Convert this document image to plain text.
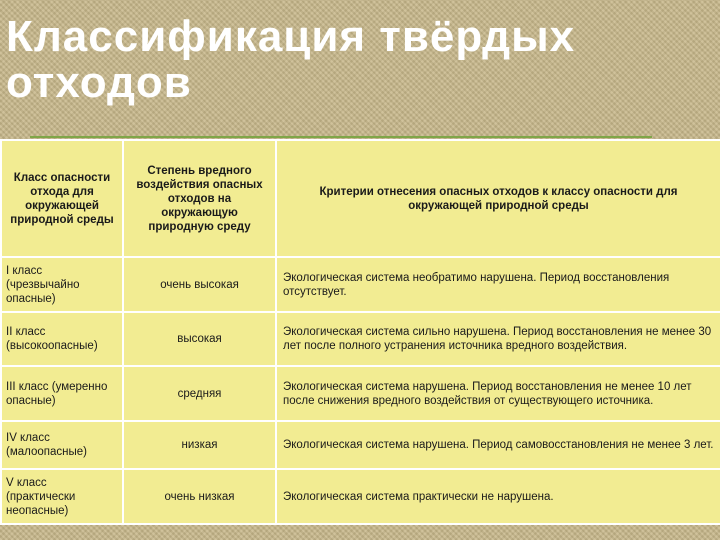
Классификация твёрдых отходов
Класс опасности отхода для окружающей природной среды	Степень вредного воздействия опасных отходов на окружающую природную среду	Критерии отнесения опасных отходов к классу опасности для окружающей природной среды
I класс (чрезвычайно опасные)	очень высокая	Экологическая система необратимо нарушена. Период восстановления отсутствует.
II класс (высокоопасные)	высокая	Экологическая система сильно нарушена. Период восстановления не менее 30 лет после полного устранения источника вредного воздействия.
III класс (умеренно опасные)	средняя	Экологическая система нарушена. Период восстановления не менее 10 лет после снижения вредного воздействия от существующего источника.
IV класс (малоопасные)	низкая	Экологическая система нарушена. Период самовосстановления не менее 3 лет.
V класс (практически неопасные)	очень низкая	Экологическая система практически не нарушена.
